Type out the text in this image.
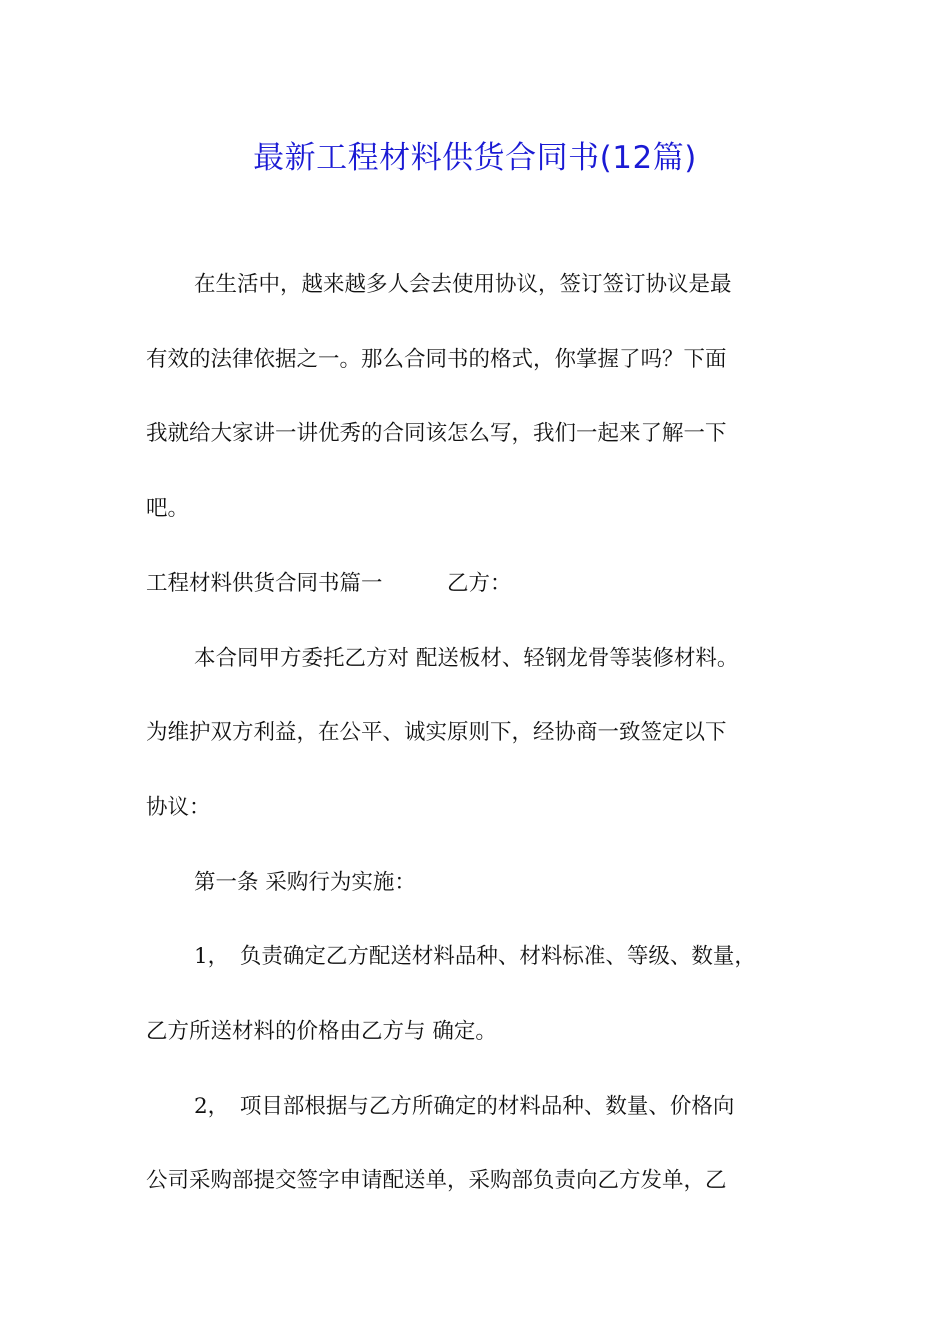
最新工程材料供货合同书(12篇)
在生活中，越来越多人会去使用协议，签订签订协议是最
有效的法律依据之一。那么合同书的格式，你掌握了吗？下面
我就给大家讲一讲优秀的合同该怎么写，我们一起来了解一下
吧。
工程材料供货合同书篇一　　　乙方：
本合同甲方委托乙方对 配送板材、轻钢龙骨等装修材料。
为维护双方利益，在公平、诚实原则下，经协商一致签定以下
协议：
第一条 采购行为实施：
1，　负责确定乙方配送材料品种、材料标准、等级、数量，
乙方所送材料的价格由乙方与 确定。
2，　项目部根据与乙方所确定的材料品种、数量、价格向
公司采购部提交签字申请配送单，采购部负责向乙方发单，乙
